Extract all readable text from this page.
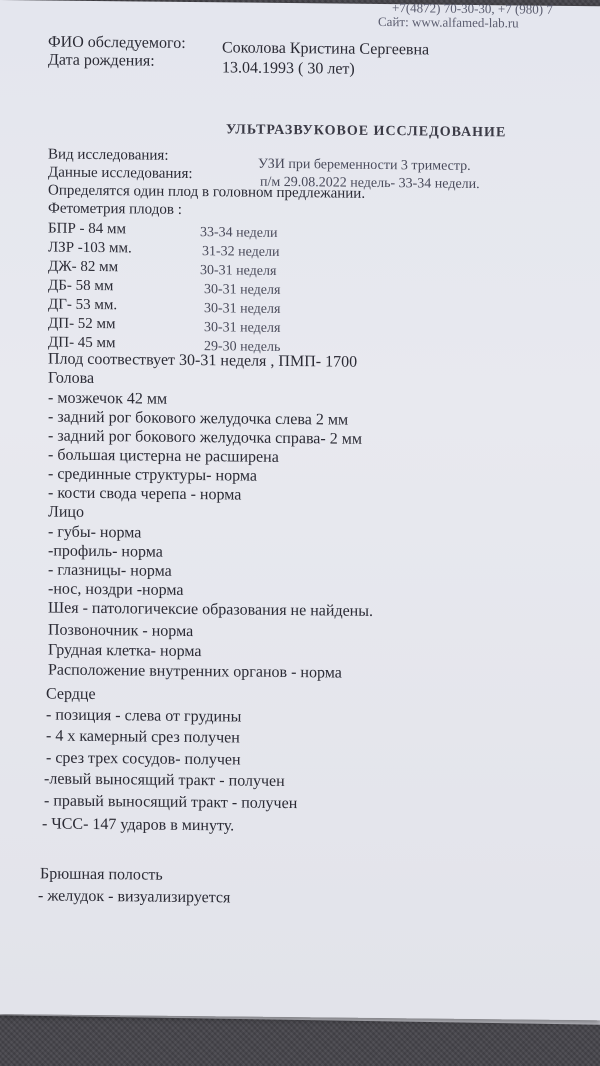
+7(4872) 70-30-30, +7 (980) 7
Сайт: www.alfamed-lab.ru
ФИО обследуемого: Соколова Кристина Сергеевна
Дата рождения:	13.04.1993 ( 30 лет)
УЛЬТРАЗВУКОВОЕ ИССЛЕДОВАНИЕ
Вид исследования:
УЗИ при беременности 3 триместр.
Данные исследования:
п/м 29.08.2022 недель- 33-34 недели.
Определятся один плод в головном предлежании.
Фетометрия плодов :
БПР - 84 мм	33-34 недели
ЛЗР -103 мм.	31-32 недели
ДЖ- 82 мм	30-31 неделя
ДБ- 58 мм	30-31 неделя
ДГ- 53 мм.	30-31 неделя
ДП- 52 мм	30-31 неделя
ДП- 45 мм	29-30 недель
Плод соотвествует 30-31 неделя , ПМП- 1700
Голова
- мозжечок 42 мм
- задний рог бокового желудочка слева 2 мм
- задний рог бокового желудочка справа- 2 мм
- большая цистерна не расширена
- срединные структуры- норма
- кости свода черепа - норма
Лицо
- губы- норма
-профиль- норма
- глазницы- норма
-нос, ноздри -норма
Шея - патологичексие образования не найдены.
Позвоночник - норма
Грудная клетка- норма
Расположение внутренних органов - норма
Сердце
- позиция - слева от грудины
- 4 х камерный срез получен
- срез трех сосудов- получен
-левый выносящий тракт - получен
- правый выносящий тракт - получен
- ЧСС- 147 ударов в минуту.
Брюшная полость
- желудок - визуализируется
